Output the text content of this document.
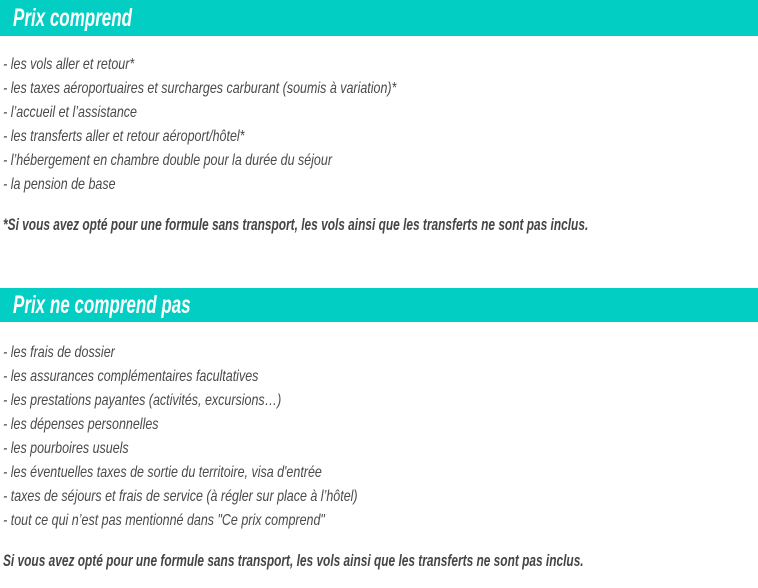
Prix comprend
- les vols aller et retour*
- les taxes aéroportuaires et surcharges carburant (soumis à variation)*
- l’accueil et l’assistance
- les transferts aller et retour aéroport/hôtel*
- l’hébergement en chambre double pour la durée du séjour
- la pension de base
*Si vous avez opté pour une formule sans transport, les vols ainsi que les transferts ne sont pas inclus.
Prix ne comprend pas
- les frais de dossier
- les assurances complémentaires facultatives
- les prestations payantes (activités, excursions…)
- les dépenses personnelles
- les pourboires usuels
- les éventuelles taxes de sortie du territoire, visa d'entrée
- taxes de séjours et frais de service (à régler sur place à l’hôtel)
- tout ce qui n’est pas mentionné dans "Ce prix comprend"
Si vous avez opté pour une formule sans transport, les vols ainsi que les transferts ne sont pas inclus.
